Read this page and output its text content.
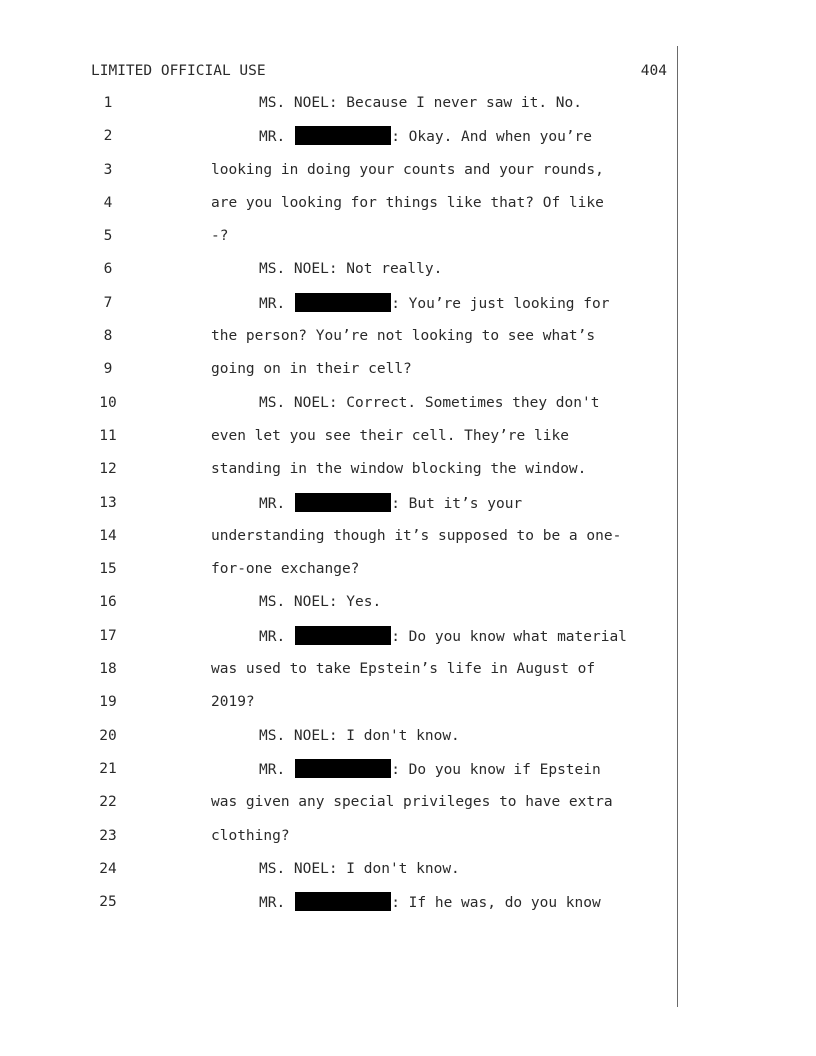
LIMITED OFFICIAL USE	404
1	MS. NOEL: Because I never saw it. No.
2	MR.	: Okay. And when you’re
3	looking in doing your counts and your rounds,
4	are you looking for things like that? Of like
5	-?
6	MS. NOEL: Not really.
7	MR.	: You’re just looking for
8	the person? You’re not looking to see what’s
9	going on in their cell?
10	MS. NOEL: Correct. Sometimes they don't
11	even let you see their cell. They’re like
12	standing in the window blocking the window.
13	MR.	: But it’s your
14	understanding though it’s supposed to be a one-
15	for-one exchange?
16	MS. NOEL: Yes.
17	MR.	: Do you know what material
18	was used to take Epstein’s life in August of
19	2019?
20	MS. NOEL: I don't know.
21	MR.	: Do you know if Epstein
22	was given any special privileges to have extra
23	clothing?
24	MS. NOEL: I don't know.
25	MR.	: If he was, do you know
